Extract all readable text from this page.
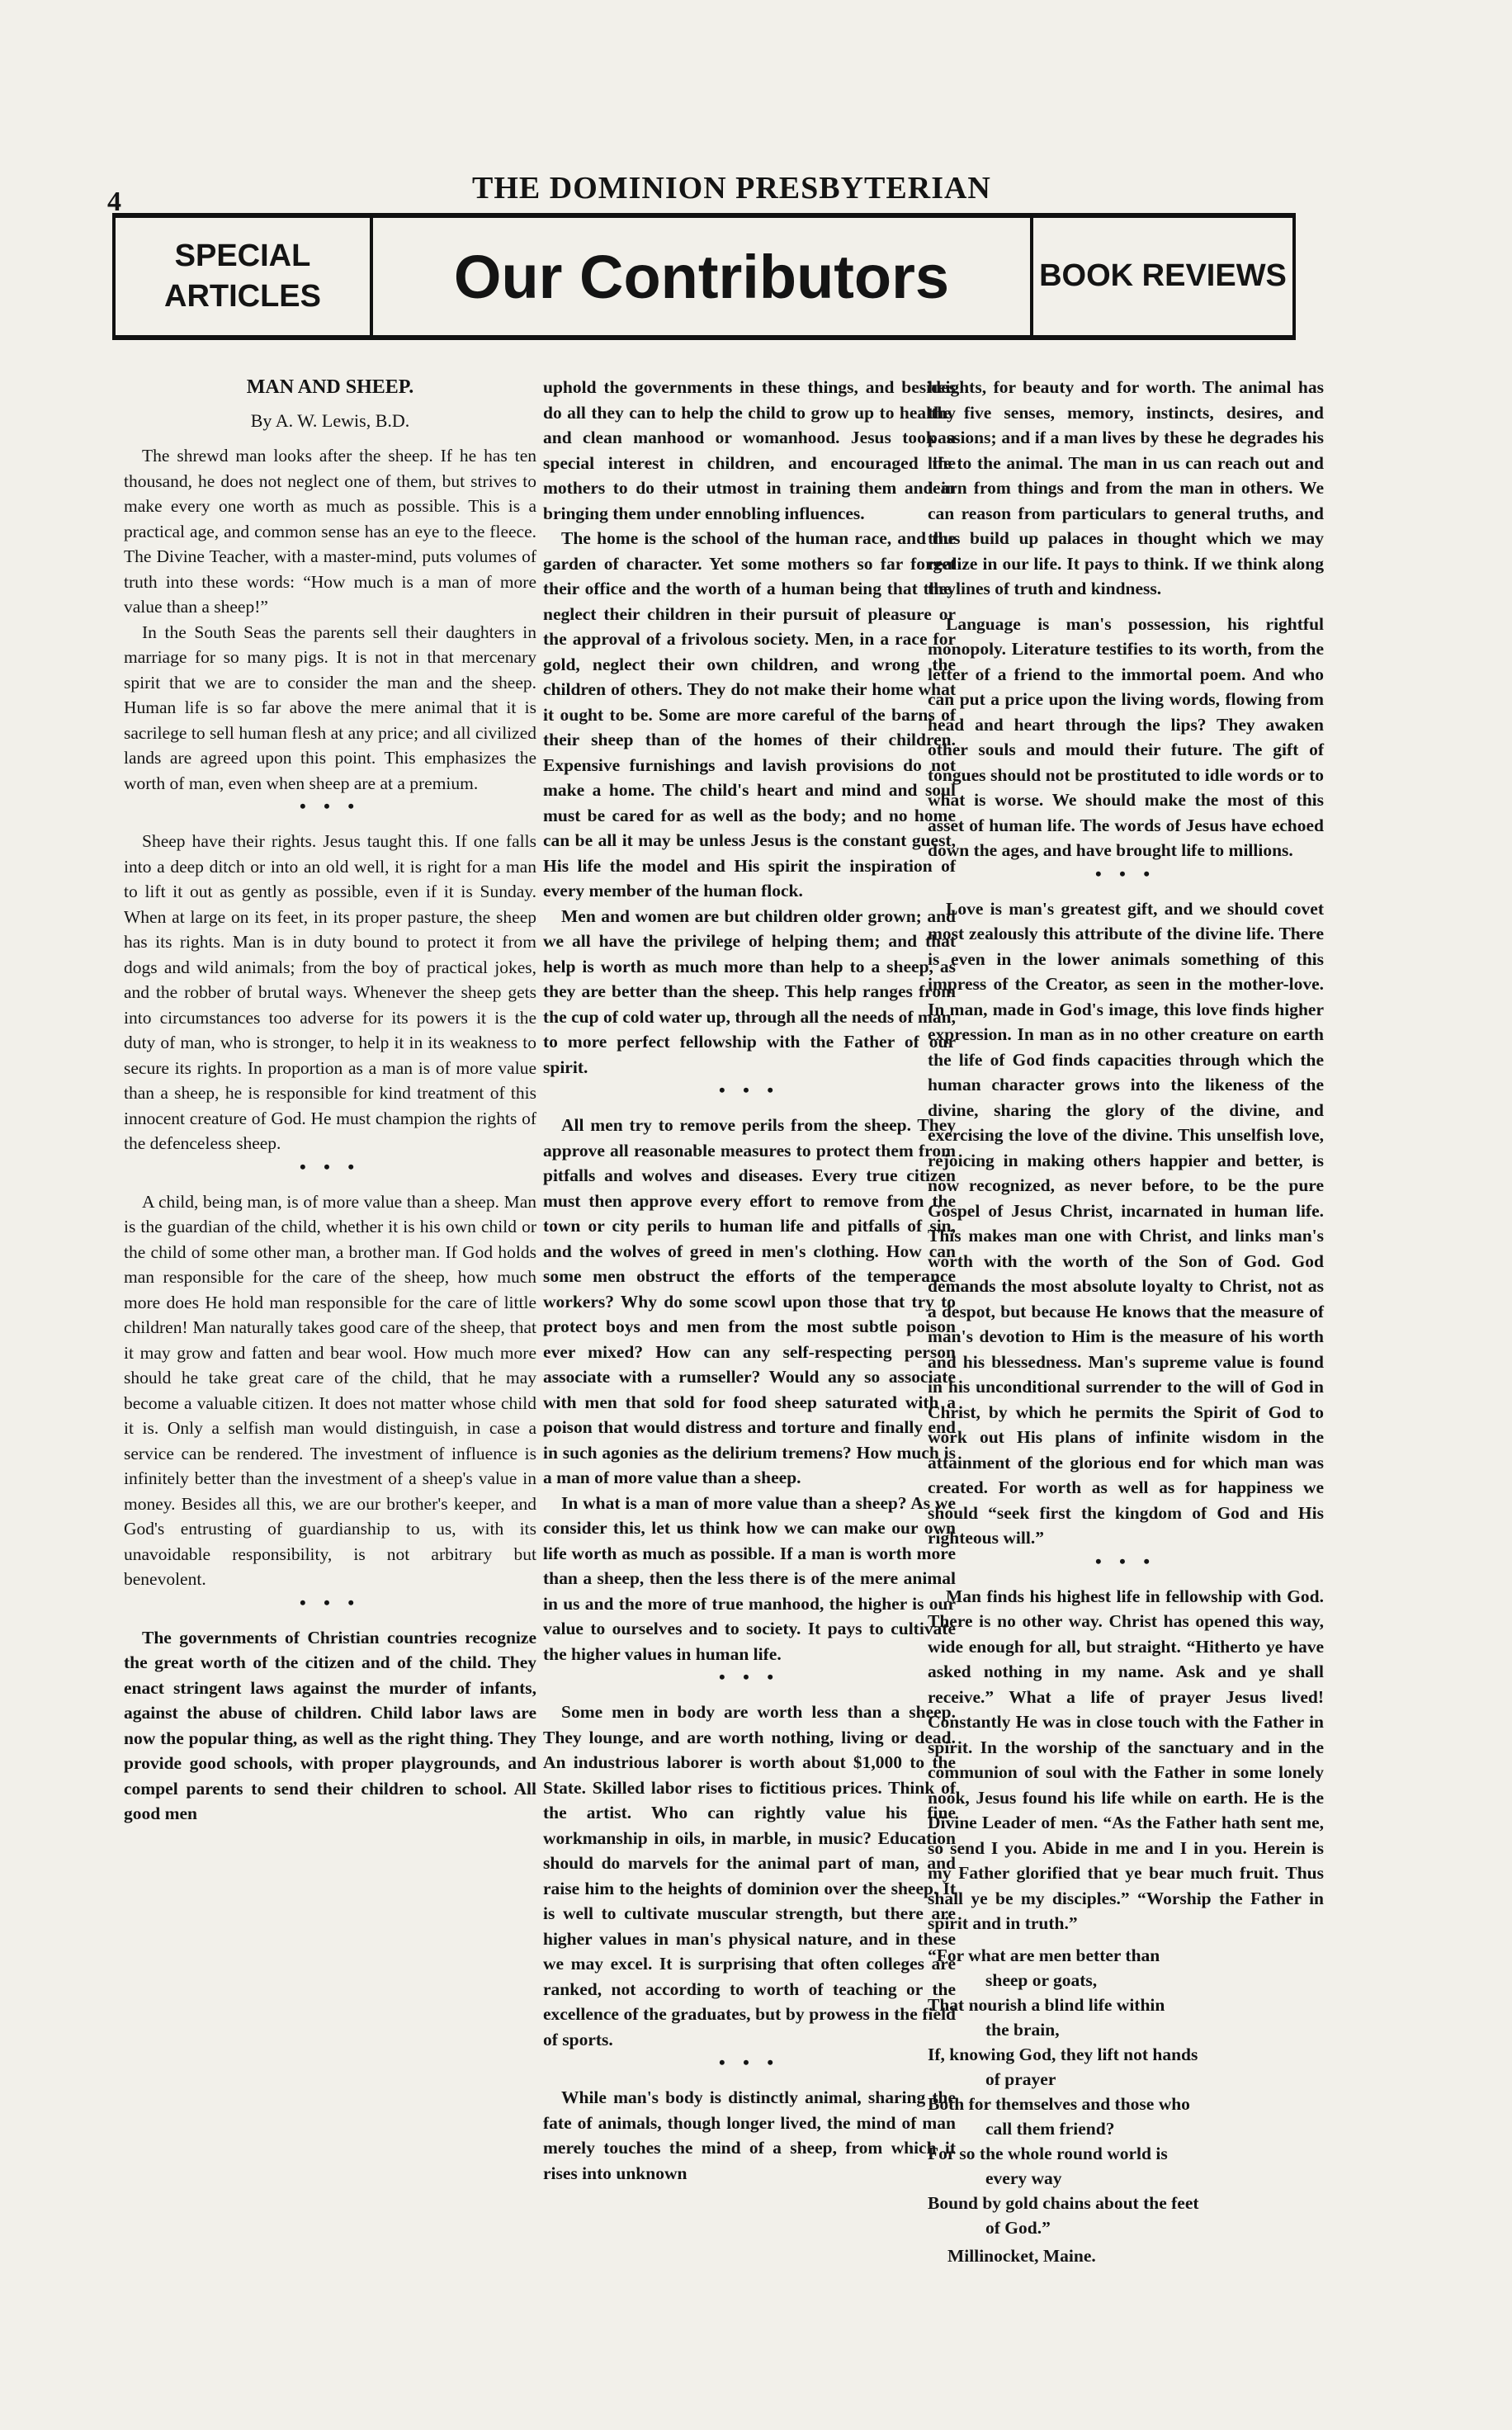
4	THE DOMINION PRESBYTERIAN
SPECIAL ARTICLES	Our Contributors	BOOK REVIEWS
MAN AND SHEEP.
By A. W. Lewis, B.D.

The shrewd man looks after the sheep. If he has ten thousand, he does not neglect one of them, but strives to make every one worth as much as possible. This is a practical age, and common sense has an eye to the fleece. The Divine Teacher, with a master-mind, puts volumes of truth into these words: “How much is a man of more value than a sheep!”

In the South Seas the parents sell their daughters in marriage for so many pigs. It is not in that mercenary spirit that we are to consider the man and the sheep. Human life is so far above the mere animal that it is sacrilege to sell human flesh at any price; and all civilized lands are agreed upon this point. This emphasizes the worth of man, even when sheep are at a premium.

• • •

Sheep have their rights. Jesus taught this. If one falls into a deep ditch or into an old well, it is right for a man to lift it out as gently as possible, even if it is Sunday. When at large on its feet, in its proper pasture, the sheep has its rights. Man is in duty bound to protect it from dogs and wild animals; from the boy of practical jokes, and the robber of brutal ways. Whenever the sheep gets into circumstances too adverse for its powers it is the duty of man, who is stronger, to help it in its weakness to secure its rights. In proportion as a man is of more value than a sheep, he is responsible for kind treatment of this innocent creature of God. He must champion the rights of the defenceless sheep.

• • •

A child, being man, is of more value than a sheep. Man is the guardian of the child, whether it is his own child or the child of some other man, a brother man. If God holds man responsible for the care of the sheep, how much more does He hold man responsible for the care of little children! Man naturally takes good care of the sheep, that it may grow and fatten and bear wool. How much more should he take great care of the child, that he may become a valuable citizen. It does not matter whose child it is. Only a selfish man would distinguish, in case a service can be rendered. The investment of influence is infinitely better than the investment of a sheep's value in money. Besides all this, we are our brother's keeper, and God's entrusting of guardianship to us, with its unavoidable responsibility, is not arbitrary but benevolent.

• • •

The governments of Christian countries recognize the great worth of the citizen and of the child. They enact stringent laws against the murder of infants, against the abuse of children. Child labor laws are now the popular thing, as well as the right thing. They provide good schools, with proper playgrounds, and compel parents to send their children to school. All good men

uphold the governments in these things, and besides do all they can to help the child to grow up to healthy and clean manhood or womanhood. Jesus took a special interest in children, and encouraged the mothers to do their utmost in training them and in bringing them under ennobling influences.

The home is the school of the human race, and the garden of character. Yet some mothers so far forget their office and the worth of a human being that they neglect their children in their pursuit of pleasure or the approval of a frivolous society. Men, in a race for gold, neglect their own children, and wrong the children of others. They do not make their home what it ought to be. Some are more careful of the barns of their sheep than of the homes of their children. Expensive furnishings and lavish provisions do not make a home. The child's heart and mind and soul must be cared for as well as the body; and no home can be all it may be unless Jesus is the constant guest, His life the model and His spirit the inspiration of every member of the human flock.

Men and women are but children older grown; and we all have the privilege of helping them; and that help is worth as much more than help to a sheep, as they are better than the sheep. This help ranges from the cup of cold water up, through all the needs of man, to more perfect fellowship with the Father of our spirit.

• • •

All men try to remove perils from the sheep. They approve all reasonable measures to protect them from pitfalls and wolves and diseases. Every true citizen must then approve every effort to remove from the town or city perils to human life and pitfalls of sin, and the wolves of greed in men's clothing. How can some men obstruct the efforts of the temperance workers? Why do some scowl upon those that try to protect boys and men from the most subtle poison ever mixed? How can any self-respecting person associate with a rumseller? Would any so associate with men that sold for food sheep saturated with a poison that would distress and torture and finally end in such agonies as the delirium tremens? How much is a man of more value than a sheep.

In what is a man of more value than a sheep? As we consider this, let us think how we can make our own life worth as much as possible. If a man is worth more than a sheep, then the less there is of the mere animal in us and the more of true manhood, the higher is our value to ourselves and to society. It pays to cultivate the higher values in human life.

• • •

Some men in body are worth less than a sheep. They lounge, and are worth nothing, living or dead. An industrious laborer is worth about $1,000 to the State. Skilled labor rises to fictitious prices. Think of the artist. Who can rightly value his fine workmanship in oils, in marble, in music? Education should do marvels for the animal part of man, and raise him to the heights of dominion over the sheep. It is well to cultivate muscular strength, but there are higher values in man's physical nature, and in these we may excel. It is surprising that often colleges are ranked, not according to worth of teaching or the excellence of the graduates, but by prowess in the field of sports.

• • •

While man's body is distinctly animal, sharing the fate of animals, though longer lived, the mind of man merely touches the mind of a sheep, from which it rises into unknown

heights, for beauty and for worth. The animal has the five senses, memory, instincts, desires, and passions; and if a man lives by these he degrades his life to the animal. The man in us can reach out and learn from things and from the man in others. We can reason from particulars to general truths, and thus build up palaces in thought which we may realize in our life. It pays to think. If we think along the lines of truth and kindness.

Language is man's possession, his rightful monopoly. Literature testifies to its worth, from the letter of a friend to the immortal poem. And who can put a price upon the living words, flowing from head and heart through the lips? They awaken other souls and mould their future. The gift of tongues should not be prostituted to idle words or to what is worse. We should make the most of this asset of human life. The words of Jesus have echoed down the ages, and have brought life to millions.

• • •

Love is man's greatest gift, and we should covet most zealously this attribute of the divine life. There is even in the lower animals something of this impress of the Creator, as seen in the mother-love. In man, made in God's image, this love finds higher expression. In man as in no other creature on earth the life of God finds capacities through which the human character grows into the likeness of the divine, sharing the glory of the divine, and exercising the love of the divine. This unselfish love, rejoicing in making others happier and better, is now recognized, as never before, to be the pure Gospel of Jesus Christ, incarnated in human life. This makes man one with Christ, and links man's worth with the worth of the Son of God. God demands the most absolute loyalty to Christ, not as a despot, but because He knows that the measure of man's devotion to Him is the measure of his worth and his blessedness. Man's supreme value is found in his unconditional surrender to the will of God in Christ, by which he permits the Spirit of God to work out His plans of infinite wisdom in the attainment of the glorious end for which man was created. For worth as well as for happiness we should “seek first the kingdom of God and His righteous will.”

• • •

Man finds his highest life in fellowship with God. There is no other way. Christ has opened this way, wide enough for all, but straight. “Hitherto ye have asked nothing in my name. Ask and ye shall receive.” What a life of prayer Jesus lived! Constantly He was in close touch with the Father in spirit. In the worship of the sanctuary and in the communion of soul with the Father in some lonely nook, Jesus found his life while on earth. He is the Divine Leader of men. “As the Father hath sent me, so send I you. Abide in me and I in you. Herein is my Father glorified that ye bear much fruit. Thus shall ye be my disciples.” “Worship the Father in spirit and in truth.”

“For what are men better than
sheep or goats,
That nourish a blind life within
the brain,
If, knowing God, they lift not hands
of prayer
Both for themselves and those who
call them friend?
For so the whole round world is
every way
Bound by gold chains about the feet
of God.”
Millinocket, Maine.
